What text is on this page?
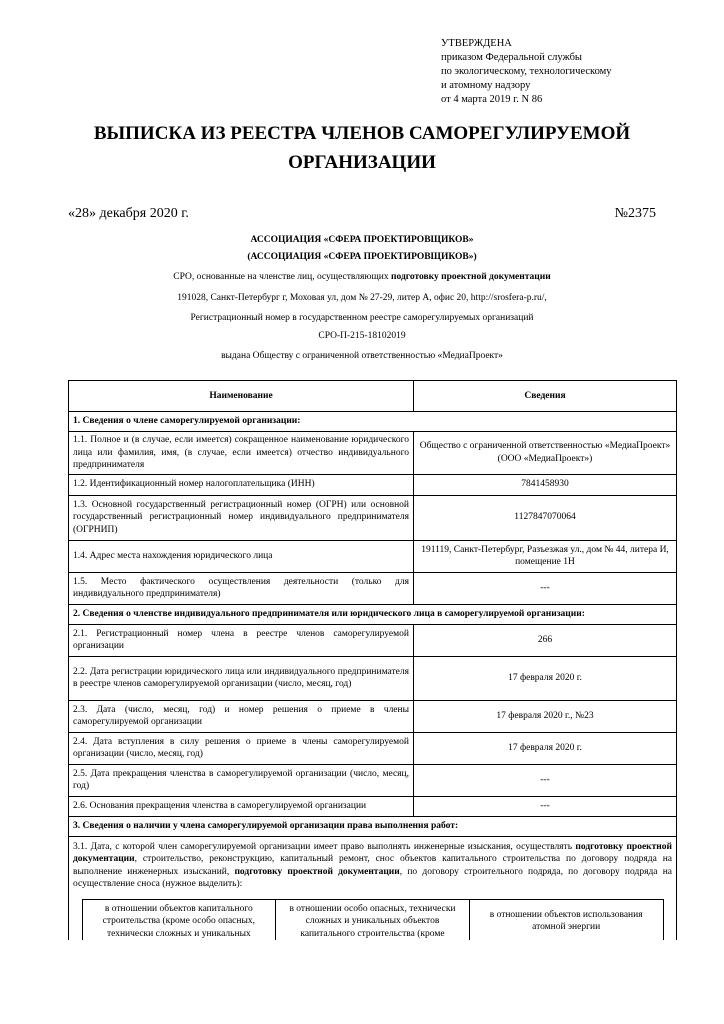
УТВЕРЖДЕНА
приказом Федеральной службы
по экологическому, технологическому
и атомному надзору
от 4 марта 2019 г. N 86
ВЫПИСКА ИЗ РЕЕСТРА ЧЛЕНОВ САМОРЕГУЛИРУЕМОЙ
ОРГАНИЗАЦИИ
«28» декабря 2020 г.	№2375
АССОЦИАЦИЯ «СФЕРА ПРОЕКТИРОВЩИКОВ»
(АССОЦИАЦИЯ «СФЕРА ПРОЕКТИРОВЩИКОВ»)
СРО, основанные на членстве лиц, осуществляющих подготовку проектной документации
191028, Санкт-Петербург г, Моховая ул, дом № 27-29, литер А, офис 20, http://srosfera-p.ru/,
Регистрационный номер в государственном реестре саморегулируемых организаций
СРО-П-215-18102019
выдана Обществу с ограниченной ответственностью «МедиаПроект»
Наименование	Сведения
1. Сведения о члене саморегулируемой организации:
1.1. Полное и (в случае, если имеется) сокращенное наименование юридического лица или фамилия, имя, (в случае, если имеется) отчество индивидуального предпринимателя	Общество с ограниченной ответственностью «МедиаПроект» (ООО «МедиаПроект»)
1.2. Идентификационный номер налогоплательщика (ИНН)	7841458930
1.3. Основной государственный регистрационный номер (ОГРН) или основной государственный регистрационный номер индивидуального предпринимателя (ОГРНИП)	1127847070064
1.4. Адрес места нахождения юридического лица	191119, Санкт-Петербург, Разъезжая ул., дом № 44, литера И, помещение 1Н
1.5. Место фактического осуществления деятельности (только для индивидуального предпринимателя)	---
2. Сведения о членстве индивидуального предпринимателя или юридического лица в саморегулируемой организации:
2.1. Регистрационный номер члена в реестре членов саморегулируемой организации	266
2.2. Дата регистрации юридического лица или индивидуального предпринимателя в реестре членов саморегулируемой организации (число, месяц, год)	17 февраля 2020 г.
2.3. Дата (число, месяц, год) и номер решения о приеме в члены саморегулируемой организации	17 февраля 2020 г., №23
2.4. Дата вступления в силу решения о приеме в члены саморегулируемой организации (число, месяц, год)	17 февраля 2020 г.
2.5. Дата прекращения членства в саморегулируемой организации (число, месяц, год)	---
2.6. Основания прекращения членства в саморегулируемой организации	---
3. Сведения о наличии у члена саморегулируемой организации права выполнения работ:

3.1. Дата, с которой член саморегулируемой организации имеет право выполнять инженерные изыскания, осуществлять подготовку проектной документации, строительство, реконструкцию, капитальный ремонт, снос объектов капитального строительства по договору подряда на выполнение инженерных изысканий, подготовку проектной документации, по договору строительного подряда, по договору подряда на осуществление сноса (нужное выделить):
в отношении объектов капитального строительства (кроме особо опасных, технически сложных и уникальных	в отношении особо опасных, технически сложных и уникальных объектов капитального строительства (кроме	в отношении объектов использования атомной энергии
